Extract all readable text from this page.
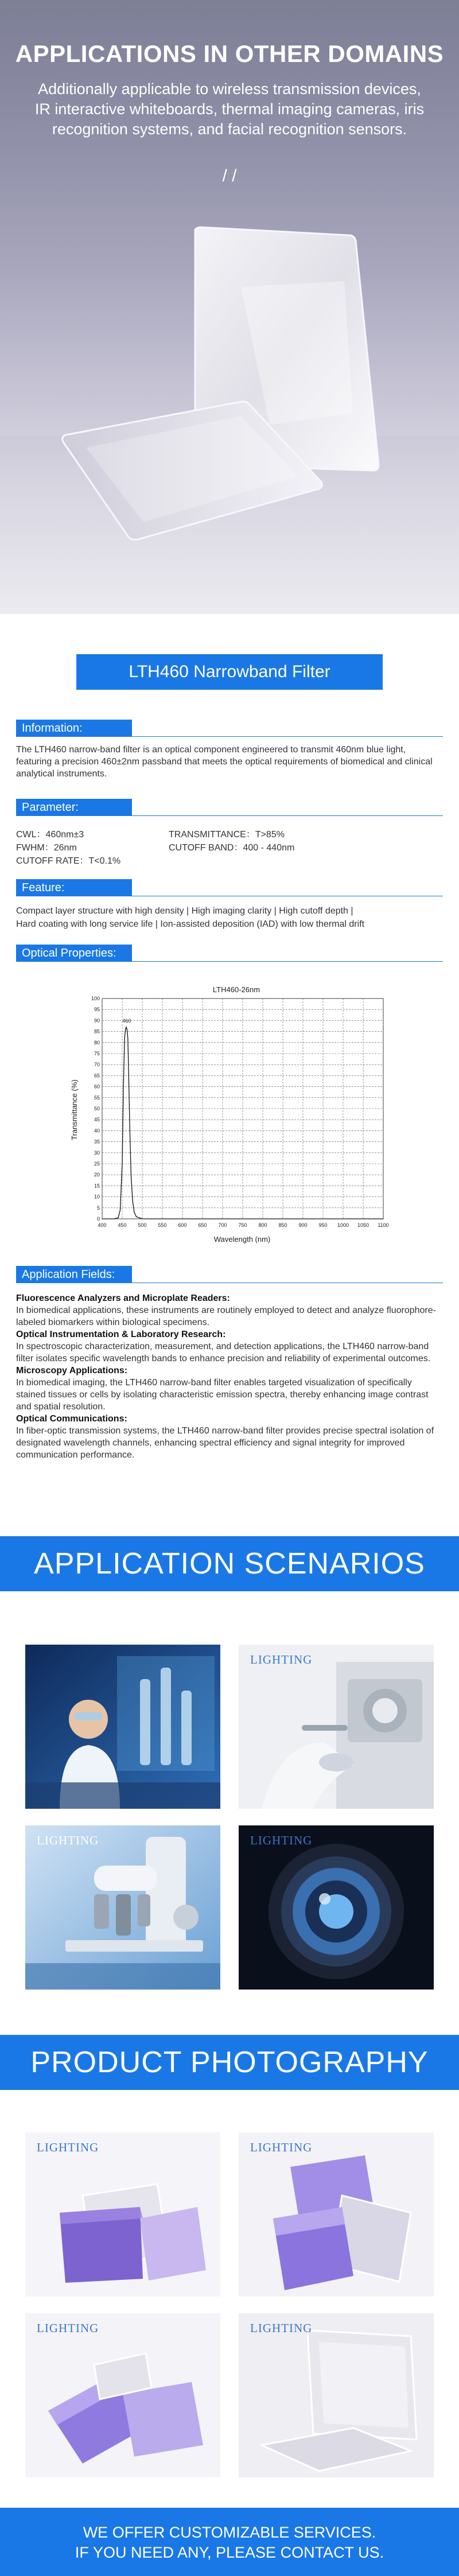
APPLICATIONS IN OTHER DOMAINS
Additionally applicable to wireless transmission devices, IR interactive whiteboards, thermal imaging cameras, iris recognition systems, and facial recognition sensors.
/ /
LTH460 Narrowband Filter
Information:
The LTH460 narrow-band filter is an optical component engineered to transmit 460nm blue light, featuring a precision 460±2nm passband that meets the optical requirements of biomedical and clinical analytical instruments.
Parameter:
CWL：460nm±3
FWHM：26nm
CUTOFF RATE：T<0.1%
TRANSMITTANCE：T>85%
CUTOFF BAND：400 - 440nm
Feature:
Compact layer structure with high density | High imaging clarity | High cutoff depth |
Hard coating with long service life | Ion-assisted deposition (IAD) with low thermal drift
Optical Properties:
400 450 500 550 600 650 700 750 800 850 900 950 1000 1050 1100
0
5
10
15
20
25
30
35
40
45
50
55
60
65
70
75
80
85
90
95
100
460
LTH460-26nm
Wavelength (nm)
Transmittance (%)
Application Fields:
Fluorescence Analyzers and Microplate Readers:
In biomedical applications, these instruments are routinely employed to detect and analyze fluorophore-labeled biomarkers within biological specimens.
Optical Instrumentation & Laboratory Research:
In spectroscopic characterization, measurement, and detection applications, the LTH460 narrow-band filter isolates specific wavelength bands to enhance precision and reliability of experimental outcomes.
Microscopy Applications:
In biomedical imaging, the LTH460 narrow-band filter enables targeted visualization of specifically stained tissues or cells by isolating characteristic emission spectra, thereby enhancing image contrast and spatial resolution.
Optical Communications:
In fiber-optic transmission systems, the LTH460 narrow-band filter provides precise spectral isolation of designated wavelength channels, enhancing spectral efficiency and signal integrity for improved communication performance.
APPLICATION SCENARIOS
LIGHTING
LIGHTING	LIGHTING
PRODUCT PHOTOGRAPHY
LIGHTING	LIGHTING
LIGHTING	LIGHTING
WE OFFER CUSTOMIZABLE SERVICES.
IF YOU NEED ANY, PLEASE CONTACT US.
